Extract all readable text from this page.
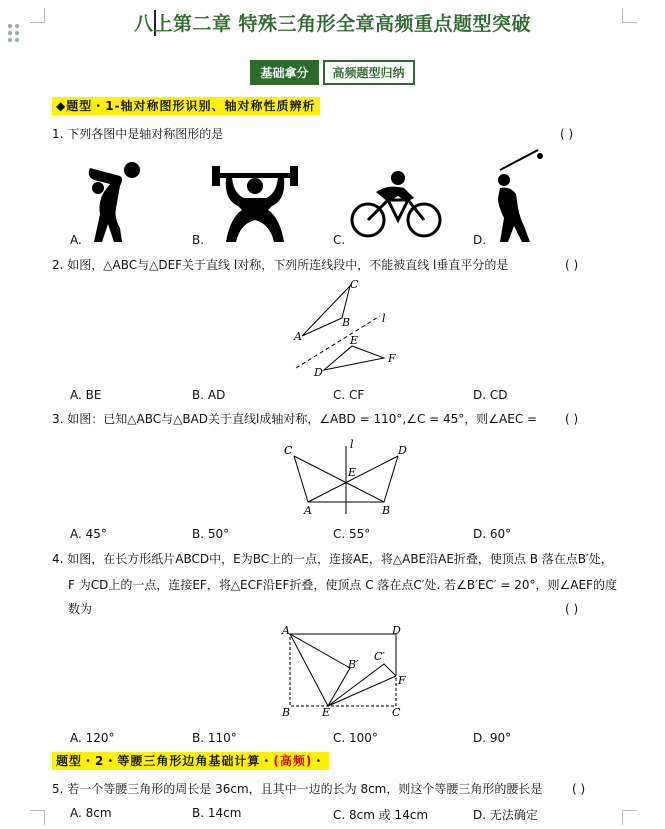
八上第二章 特殊三角形全章高频重点题型突破
基础拿分 高频题型归纳
◆题型・1-轴对称图形识别、轴对称性质辨析
1. 下列各图中是轴对称图形的是	( )
A.	B.	C.	D.
2. 如图，△ABC与△DEF关于直线 l对称，下列所连线段中，不能被直线 l垂直平分的是	( )
A
B
C
D
E
F
l
A. BE	B. AD	C. CF	D. CD
3. 如图：已知△ABC与△BAD关于直线l成轴对称，∠ABD = 110°,∠C = 45°，则∠AEC = ( )
A	B
C	D
E
l
A. 45°	B. 50°	C. 55°	D. 60°
4. 如图，在长方形纸片ABCD中，E为BC上的一点，连接AE，将△ABE沿AE折叠，使顶点 B 落在点B′处，
F 为CD上的一点，连接EF，将△ECF沿EF折叠，使顶点 C 落在点C′处. 若∠B′EC′ = 20°，则∠AEF的度
数为	( )
A
B	C
D
E
F
B′
C′
A. 120°	B. 110°	C. 100°	D. 90°
题型・2・等腰三角形边角基础计算・(高频)・
5. 若一个等腰三角形的周长是 36cm，且其中一边的长为 8cm，则这个等腰三角形的腰长是 ( )
A. 8cm	B. 14cm	C. 8cm 或 14cm	D. 无法确定
